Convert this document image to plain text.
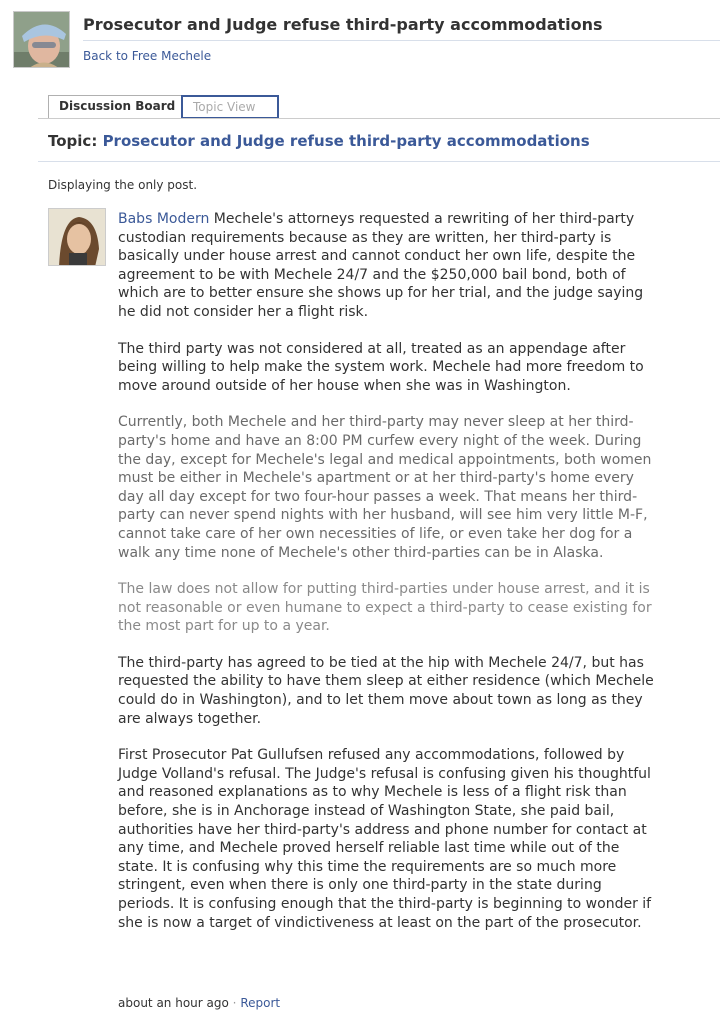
Prosecutor and Judge refuse third-party accommodations
Back to Free Mechele
Discussion Board	Topic View
Topic: Prosecutor and Judge refuse third-party accommodations
Displaying the only post.

Babs Modern Mechele's attorneys requested a rewriting of her third-party custodian requirements because as they are written, her third-party is basically under house arrest and cannot conduct her own life, despite the agreement to be with Mechele 24/7 and the $250,000 bail bond, both of which are to better ensure she shows up for her trial, and the judge saying he did not consider her a flight risk.

The third party was not considered at all, treated as an appendage after being willing to help make the system work. Mechele had more freedom to move around outside of her house when she was in Washington.

Currently, both Mechele and her third-party may never sleep at her third-party's home and have an 8:00 PM curfew every night of the week. During the day, except for Mechele's legal and medical appointments, both women must be either in Mechele's apartment or at her third-party's home every day all day except for two four-hour passes a week. That means her third-party can never spend nights with her husband, will see him very little M-F, cannot take care of her own necessities of life, or even take her dog for a walk any time none of Mechele's other third-parties can be in Alaska.

The law does not allow for putting third-parties under house arrest, and it is not reasonable or even humane to expect a third-party to cease existing for the most part for up to a year.

The third-party has agreed to be tied at the hip with Mechele 24/7, but has requested the ability to have them sleep at either residence (which Mechele could do in Washington), and to let them move about town as long as they are always together.

First Prosecutor Pat Gullufsen refused any accommodations, followed by Judge Volland's refusal. The Judge's refusal is confusing given his thoughtful and reasoned explanations as to why Mechele is less of a flight risk than before, she is in Anchorage instead of Washington State, she paid bail, authorities have her third-party's address and phone number for contact at any time, and Mechele proved herself reliable last time while out of the state. It is confusing why this time the requirements are so much more stringent, even when there is only one third-party in the state during periods. It is confusing enough that the third-party is beginning to wonder if she is now a target of vindictiveness at least on the part of the prosecutor.

about an hour ago · Report
